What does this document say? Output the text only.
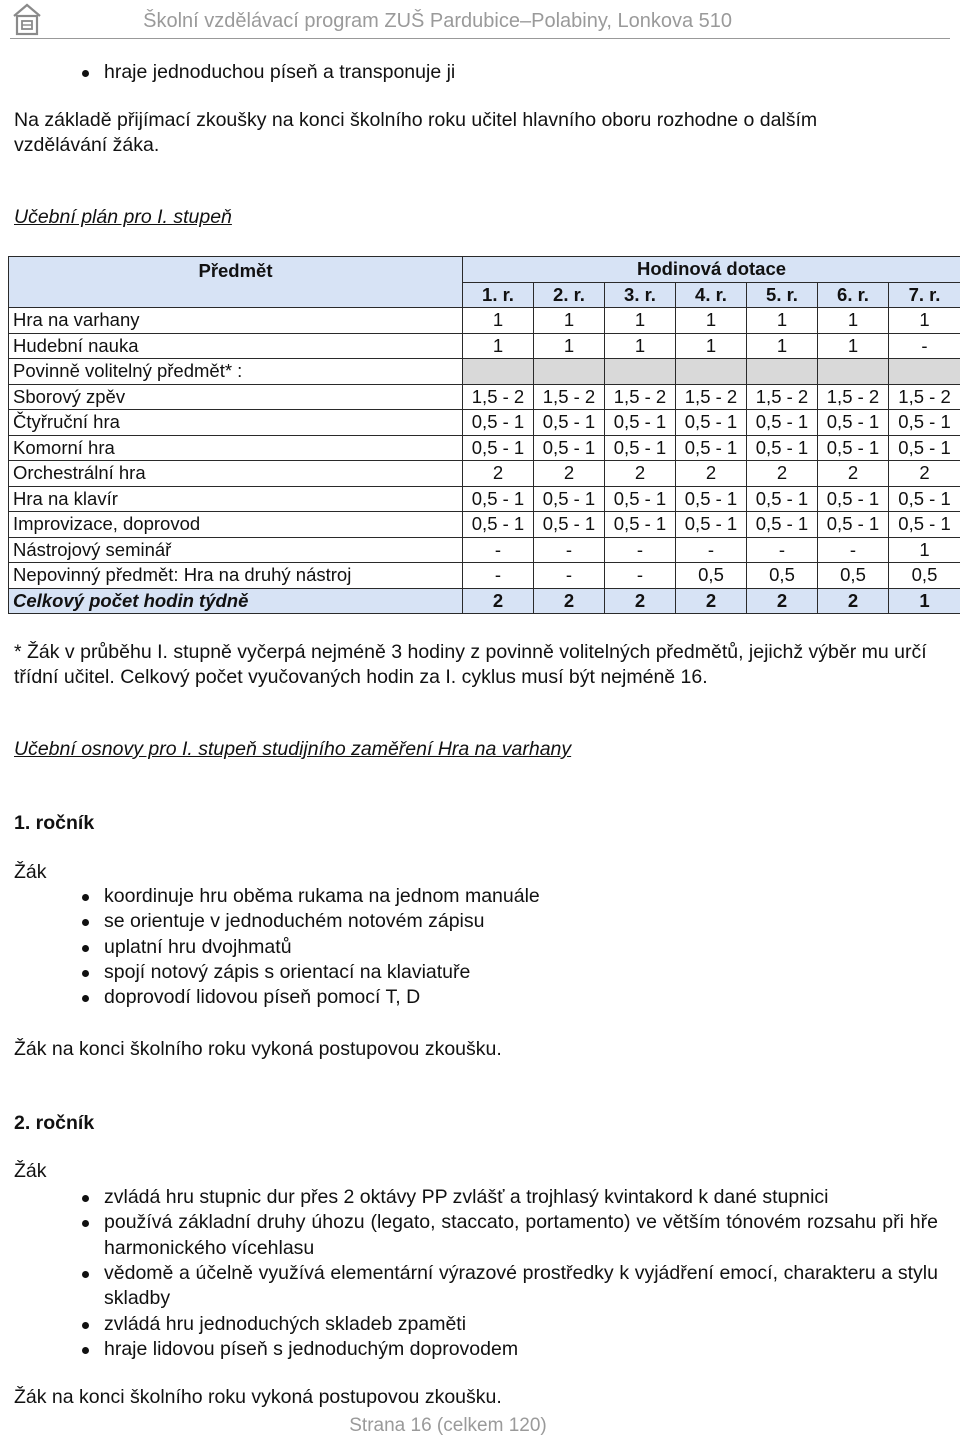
Školní vzdělávací program ZUŠ Pardubice–Polabiny, Lonkova 510
hraje jednoduchou píseň a transponuje ji
Na základě přijímací zkoušky na konci školního roku učitel hlavního oboru rozhodne o dalším vzdělávání žáka.
Učební plán pro I. stupeň
Předmět	Hodinová dotace						
	1. r.	2. r.	3. r.	4. r.	5. r.	6. r.	7. r.
Hra na varhany	1	1	1	1	1	1	1
Hudební nauka	1	1	1	1	1	1	-
Povinně volitelný předmět* :							
Sborový zpěv	1,5 - 2	1,5 - 2	1,5 - 2	1,5 - 2	1,5 - 2	1,5 - 2	1,5 - 2
Čtyřruční hra	0,5 - 1	0,5 - 1	0,5 - 1	0,5 - 1	0,5 - 1	0,5 - 1	0,5 - 1
Komorní hra	0,5 - 1	0,5 - 1	0,5 - 1	0,5 - 1	0,5 - 1	0,5 - 1	0,5 - 1
Orchestrální hra	2	2	2	2	2	2	2
Hra na klavír	0,5 - 1	0,5 - 1	0,5 - 1	0,5 - 1	0,5 - 1	0,5 - 1	0,5 - 1
Improvizace, doprovod	0,5 - 1	0,5 - 1	0,5 - 1	0,5 - 1	0,5 - 1	0,5 - 1	0,5 - 1
Nástrojový seminář	-	-	-	-	-	-	1
Nepovinný předmět: Hra na druhý nástroj	-	-	-	0,5	0,5	0,5	0,5
Celkový počet hodin týdně	2	2	2	2	2	2	1
* Žák v průběhu I. stupně vyčerpá nejméně 3 hodiny z povinně volitelných předmětů, jejichž výběr mu určí třídní učitel. Celkový počet vyučovaných hodin za I. cyklus musí být nejméně 16.
Učební osnovy pro I. stupeň studijního zaměření Hra na varhany
1. ročník
Žák
koordinuje hru oběma rukama na jednom manuále
se orientuje v jednoduchém notovém zápisu
uplatní hru dvojhmatů
spojí notový zápis s orientací na klaviatuře
doprovodí lidovou píseň pomocí T, D
Žák na konci školního roku vykoná postupovou zkoušku.
2. ročník
Žák
zvládá hru stupnic dur přes 2 oktávy PP zvlášť a trojhlasý kvintakord k dané stupnici
používá základní druhy úhozu (legato, staccato, portamento) ve větším tónovém rozsahu při hře harmonického vícehlasu
vědomě a účelně využívá elementární výrazové prostředky k vyjádření emocí, charakteru a stylu skladby
zvládá hru jednoduchých skladeb zpaměti
hraje lidovou píseň s jednoduchým doprovodem
Žák na konci školního roku vykoná postupovou zkoušku.
Strana 16 (celkem 120)
